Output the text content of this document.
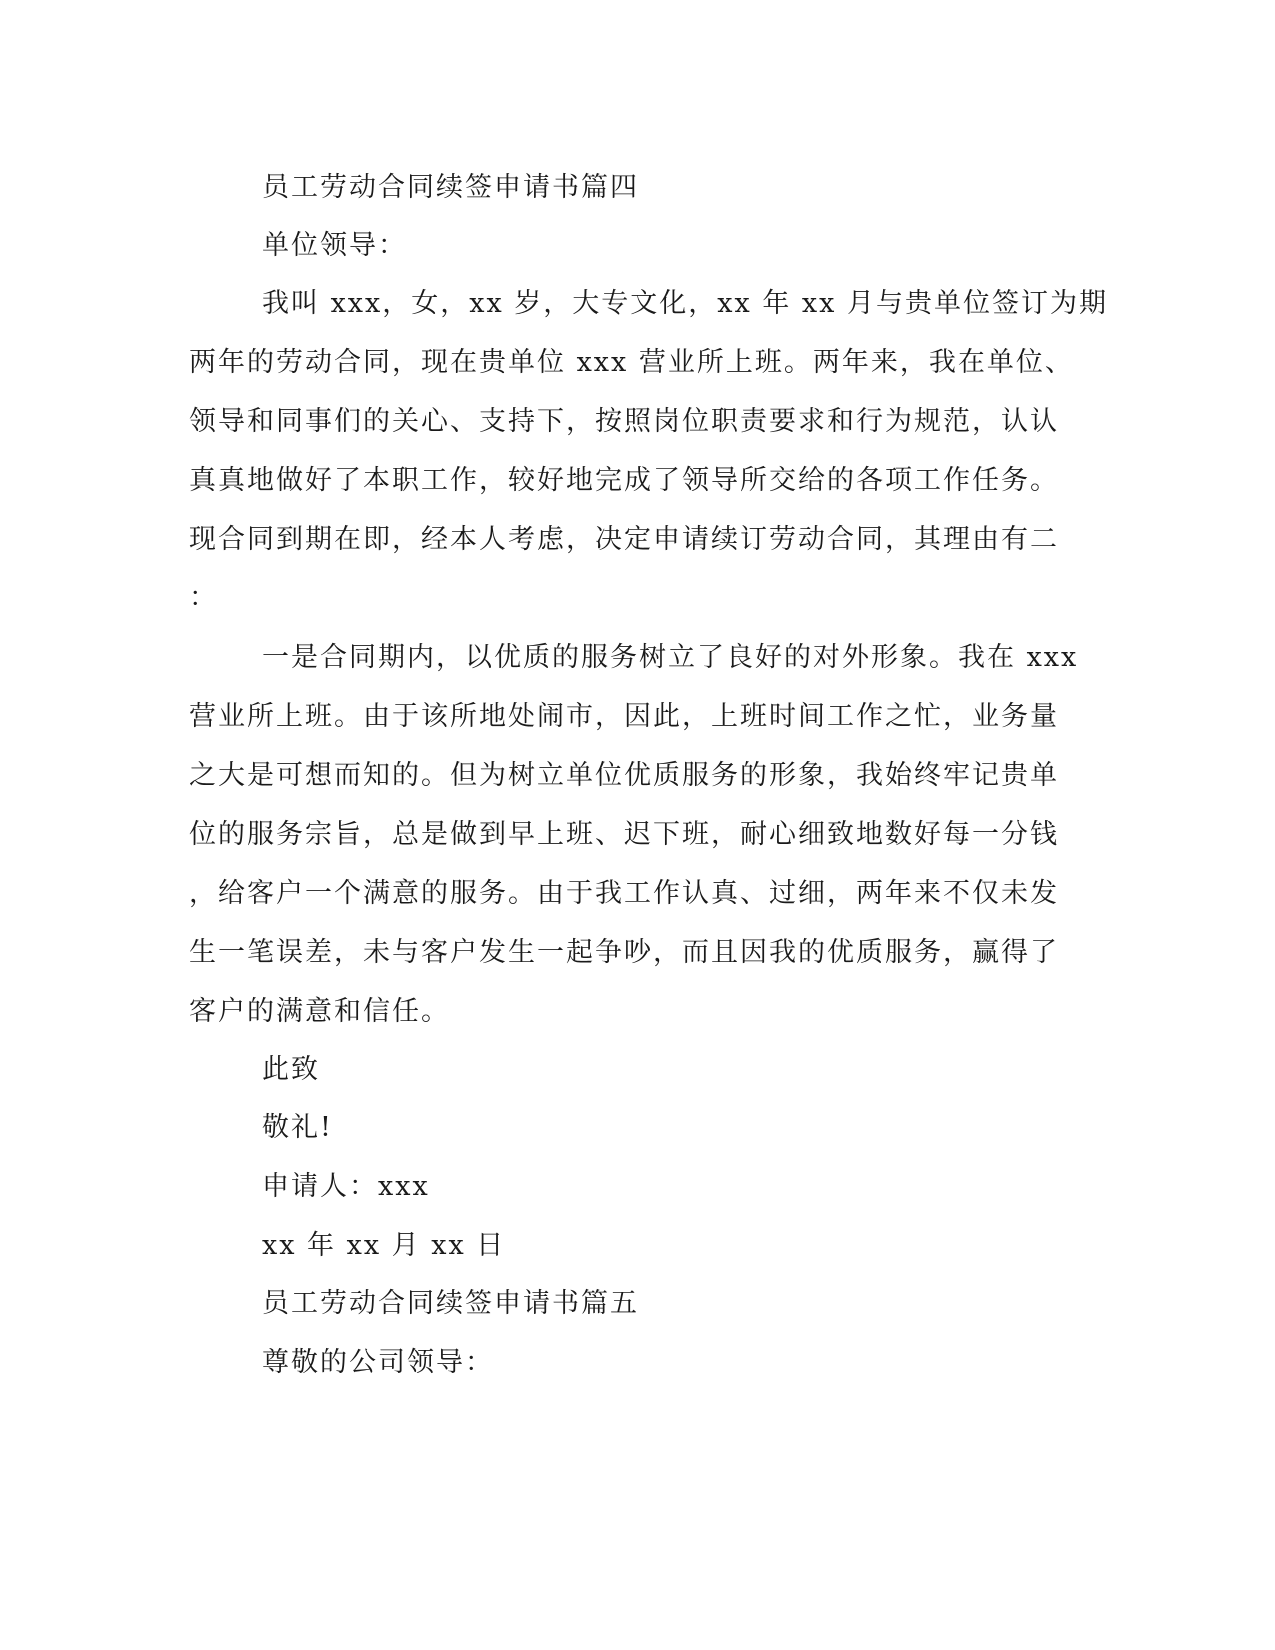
员工劳动合同续签申请书篇四
单位领导：
我叫 xxx，女，xx 岁，大专文化，xx 年 xx 月与贵单位签订为期
两年的劳动合同，现在贵单位 xxx 营业所上班。两年来，我在单位、
领导和同事们的关心、支持下，按照岗位职责要求和行为规范，认认
真真地做好了本职工作，较好地完成了领导所交给的各项工作任务。
现合同到期在即，经本人考虑，决定申请续订劳动合同，其理由有二
：
一是合同期内，以优质的服务树立了良好的对外形象。我在 xxx
营业所上班。由于该所地处闹市，因此，上班时间工作之忙，业务量
之大是可想而知的。但为树立单位优质服务的形象，我始终牢记贵单
位的服务宗旨，总是做到早上班、迟下班，耐心细致地数好每一分钱
，给客户一个满意的服务。由于我工作认真、过细，两年来不仅未发
生一笔误差，未与客户发生一起争吵，而且因我的优质服务，赢得了
客户的满意和信任。
此致
敬礼!
申请人：xxx
xx 年 xx 月 xx 日
员工劳动合同续签申请书篇五
尊敬的公司领导：
